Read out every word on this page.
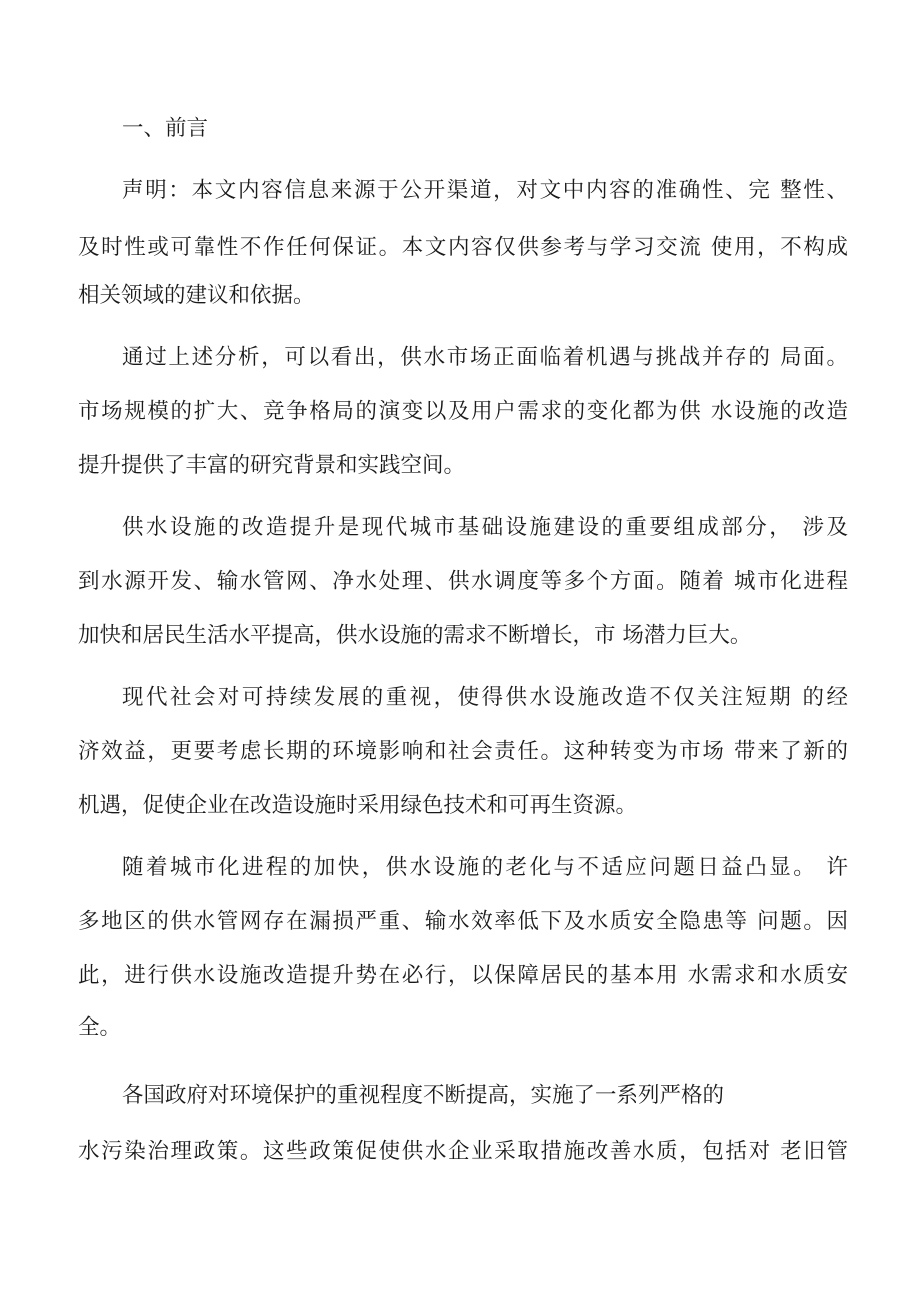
一、前言
声明：本文内容信息来源于公开渠道，对文中内容的准确性、完 整性、
及时性或可靠性不作任何保证。本文内容仅供参考与学习交流 使用，不构成
相关领域的建议和依据。
通过上述分析，可以看出，供水市场正面临着机遇与挑战并存的 局面。
市场规模的扩大、竞争格局的演变以及用户需求的变化都为供 水设施的改造
提升提供了丰富的研究背景和实践空间。
供水设施的改造提升是现代城市基础设施建设的重要组成部分， 涉及
到水源开发、输水管网、净水处理、供水调度等多个方面。随着 城市化进程
加快和居民生活水平提高，供水设施的需求不断增长，市 场潜力巨大。
现代社会对可持续发展的重视，使得供水设施改造不仅关注短期 的经
济效益，更要考虑长期的环境影响和社会责任。这种转变为市场 带来了新的
机遇，促使企业在改造设施时采用绿色技术和可再生资源。
随着城市化进程的加快，供水设施的老化与不适应问题日益凸显。 许
多地区的供水管网存在漏损严重、输水效率低下及水质安全隐患等 问题。因
此，进行供水设施改造提升势在必行，以保障居民的基本用 水需求和水质安
全。
各国政府对环境保护的重视程度不断提高，实施了一系列严格的
水污染治理政策。这些政策促使供水企业采取措施改善水质，包括对 老旧管
